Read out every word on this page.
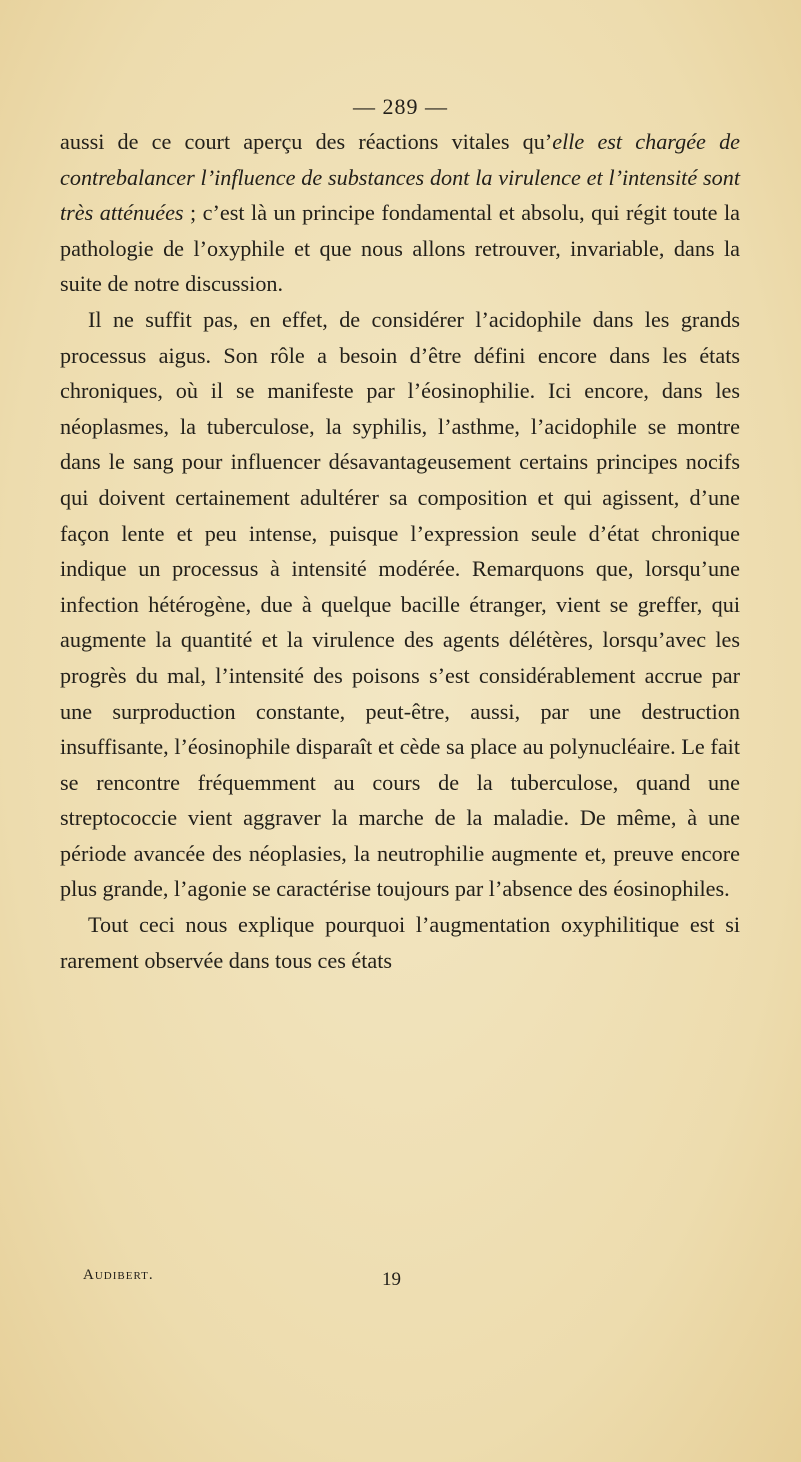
— 289 —

aussi de ce court aperçu des réactions vitales qu’elle est chargée de contrebalancer l’influence de substances dont la virulence et l’intensité sont très atténuées ; c’est là un principe fondamental et absolu, qui régit toute la pathologie de l’oxyphile et que nous allons retrouver, invariable, dans la suite de notre discussion.

Il ne suffit pas, en effet, de considérer l’acidophile dans les grands processus aigus. Son rôle a besoin d’être défini encore dans les états chroniques, où il se manifeste par l’éosinophilie. Ici encore, dans les néoplasmes, la tuberculose, la syphilis, l’asthme, l’acidophile se montre dans le sang pour influencer désavantageusement certains principes nocifs qui doivent certainement adultérer sa composition et qui agissent, d’une façon lente et peu intense, puisque l’expression seule d’état chronique indique un processus à intensité modérée. Remarquons que, lorsqu’une infection hétérogène, due à quelque bacille étranger, vient se greffer, qui augmente la quantité et la virulence des agents délétères, lorsqu’avec les progrès du mal, l’intensité des poisons s’est considérablement accrue par une surproduction constante, peut-être, aussi, par une destruction insuffisante, l’éosinophile disparaît et cède sa place au polynucléaire. Le fait se rencontre fréquemment au cours de la tuberculose, quand une streptococcie vient aggraver la marche de la maladie. De même, à une période avancée des néoplasies, la neutrophilie augmente et, preuve encore plus grande, l’agonie se caractérise toujours par l’absence des éosinophiles.

Tout ceci nous explique pourquoi l’augmentation oxyphilitique est si rarement observée dans tous ces états

Audibert.	19
